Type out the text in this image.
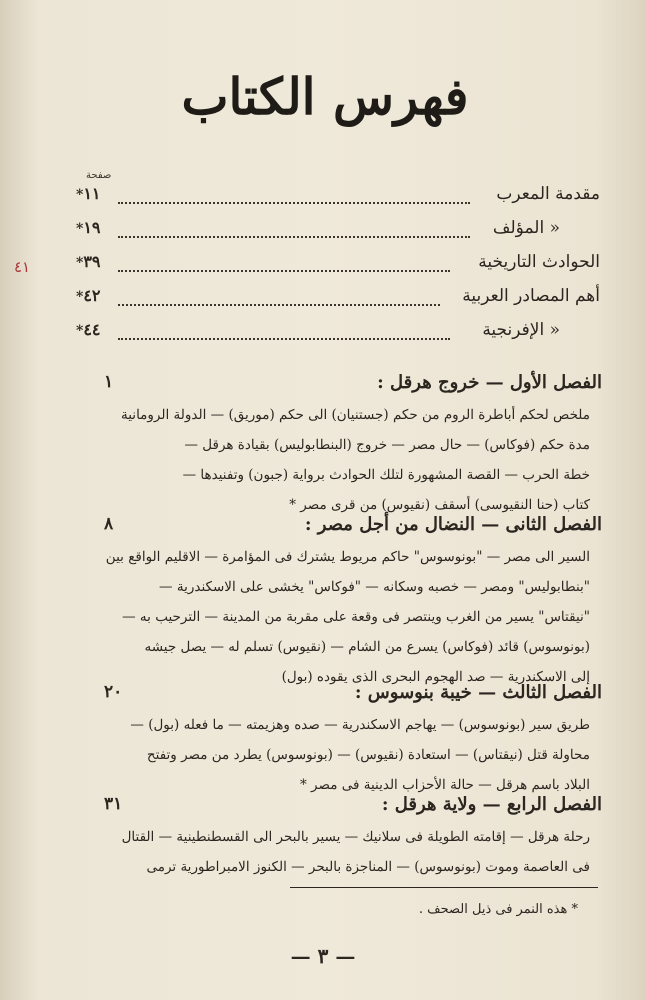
فهرس الكتاب
صفحة
٤١
مقدمة المعرب
*١١
« المؤلف
*١٩
الحوادث التاريخية
*٣٩
أهم المصادر العربية
*٤٢
« الإفرنجية
*٤٤
الفصل الأول — خروج هرقل :
١
ملخص لحكم أباطرة الروم من حكم (جستنيان) الى حكم (موريق) — الدولة الرومانية
مدة حكم (فوكاس) — حال مصر — خروج (البنطابوليس) بقيادة هرقل —
خطة الحرب — القصة المشهورة لتلك الحوادث برواية (جبون) وتفنيدها —
كتاب (حنا النقيوسى) أسقف (نقيوس) من قرى مصر *
الفصل الثانى — النضال من أجل مصر :
٨
السير الى مصر — "بونوسوس" حاكم مريوط يشترك فى المؤامرة — الاقليم الواقع بين
"بنطابوليس" ومصر — خصبه وسكانه — "فوكاس" يخشى على الاسكندرية —
"نيقتاس" يسير من الغرب وينتصر فى وقعة على مقربة من المدينة — الترحيب به —
(بونوسوس) قائد (فوكاس) يسرع من الشام — (نقيوس) تسلم له — يصل جيشه
إلى الاسكندرية — صد الهجوم البحرى الذى يقوده (بول)
الفصل الثالث — خيبة بنوسوس :
٢٠
طريق سير (بونوسوس) — يهاجم الاسكندرية — صده وهزيمته — ما فعله (بول) —
محاولة قتل (نيقتاس) — استعادة (نقيوس) — (بونوسوس) يطرد من مصر وتفتح
البلاد باسم هرقل — حالة الأحزاب الدينية فى مصر *
الفصل الرابع — ولاية هرقل :
٣١
رحلة هرقل — إقامته الطويلة فى سلانيك — يسير بالبحر الى القسطنطينية — القتال
فى العاصمة وموت (بونوسوس) — المناجزة بالبحر — الكنوز الامبراطورية ترمى
* هذه النمر فى ذيل الصحف .
— ٣ —
